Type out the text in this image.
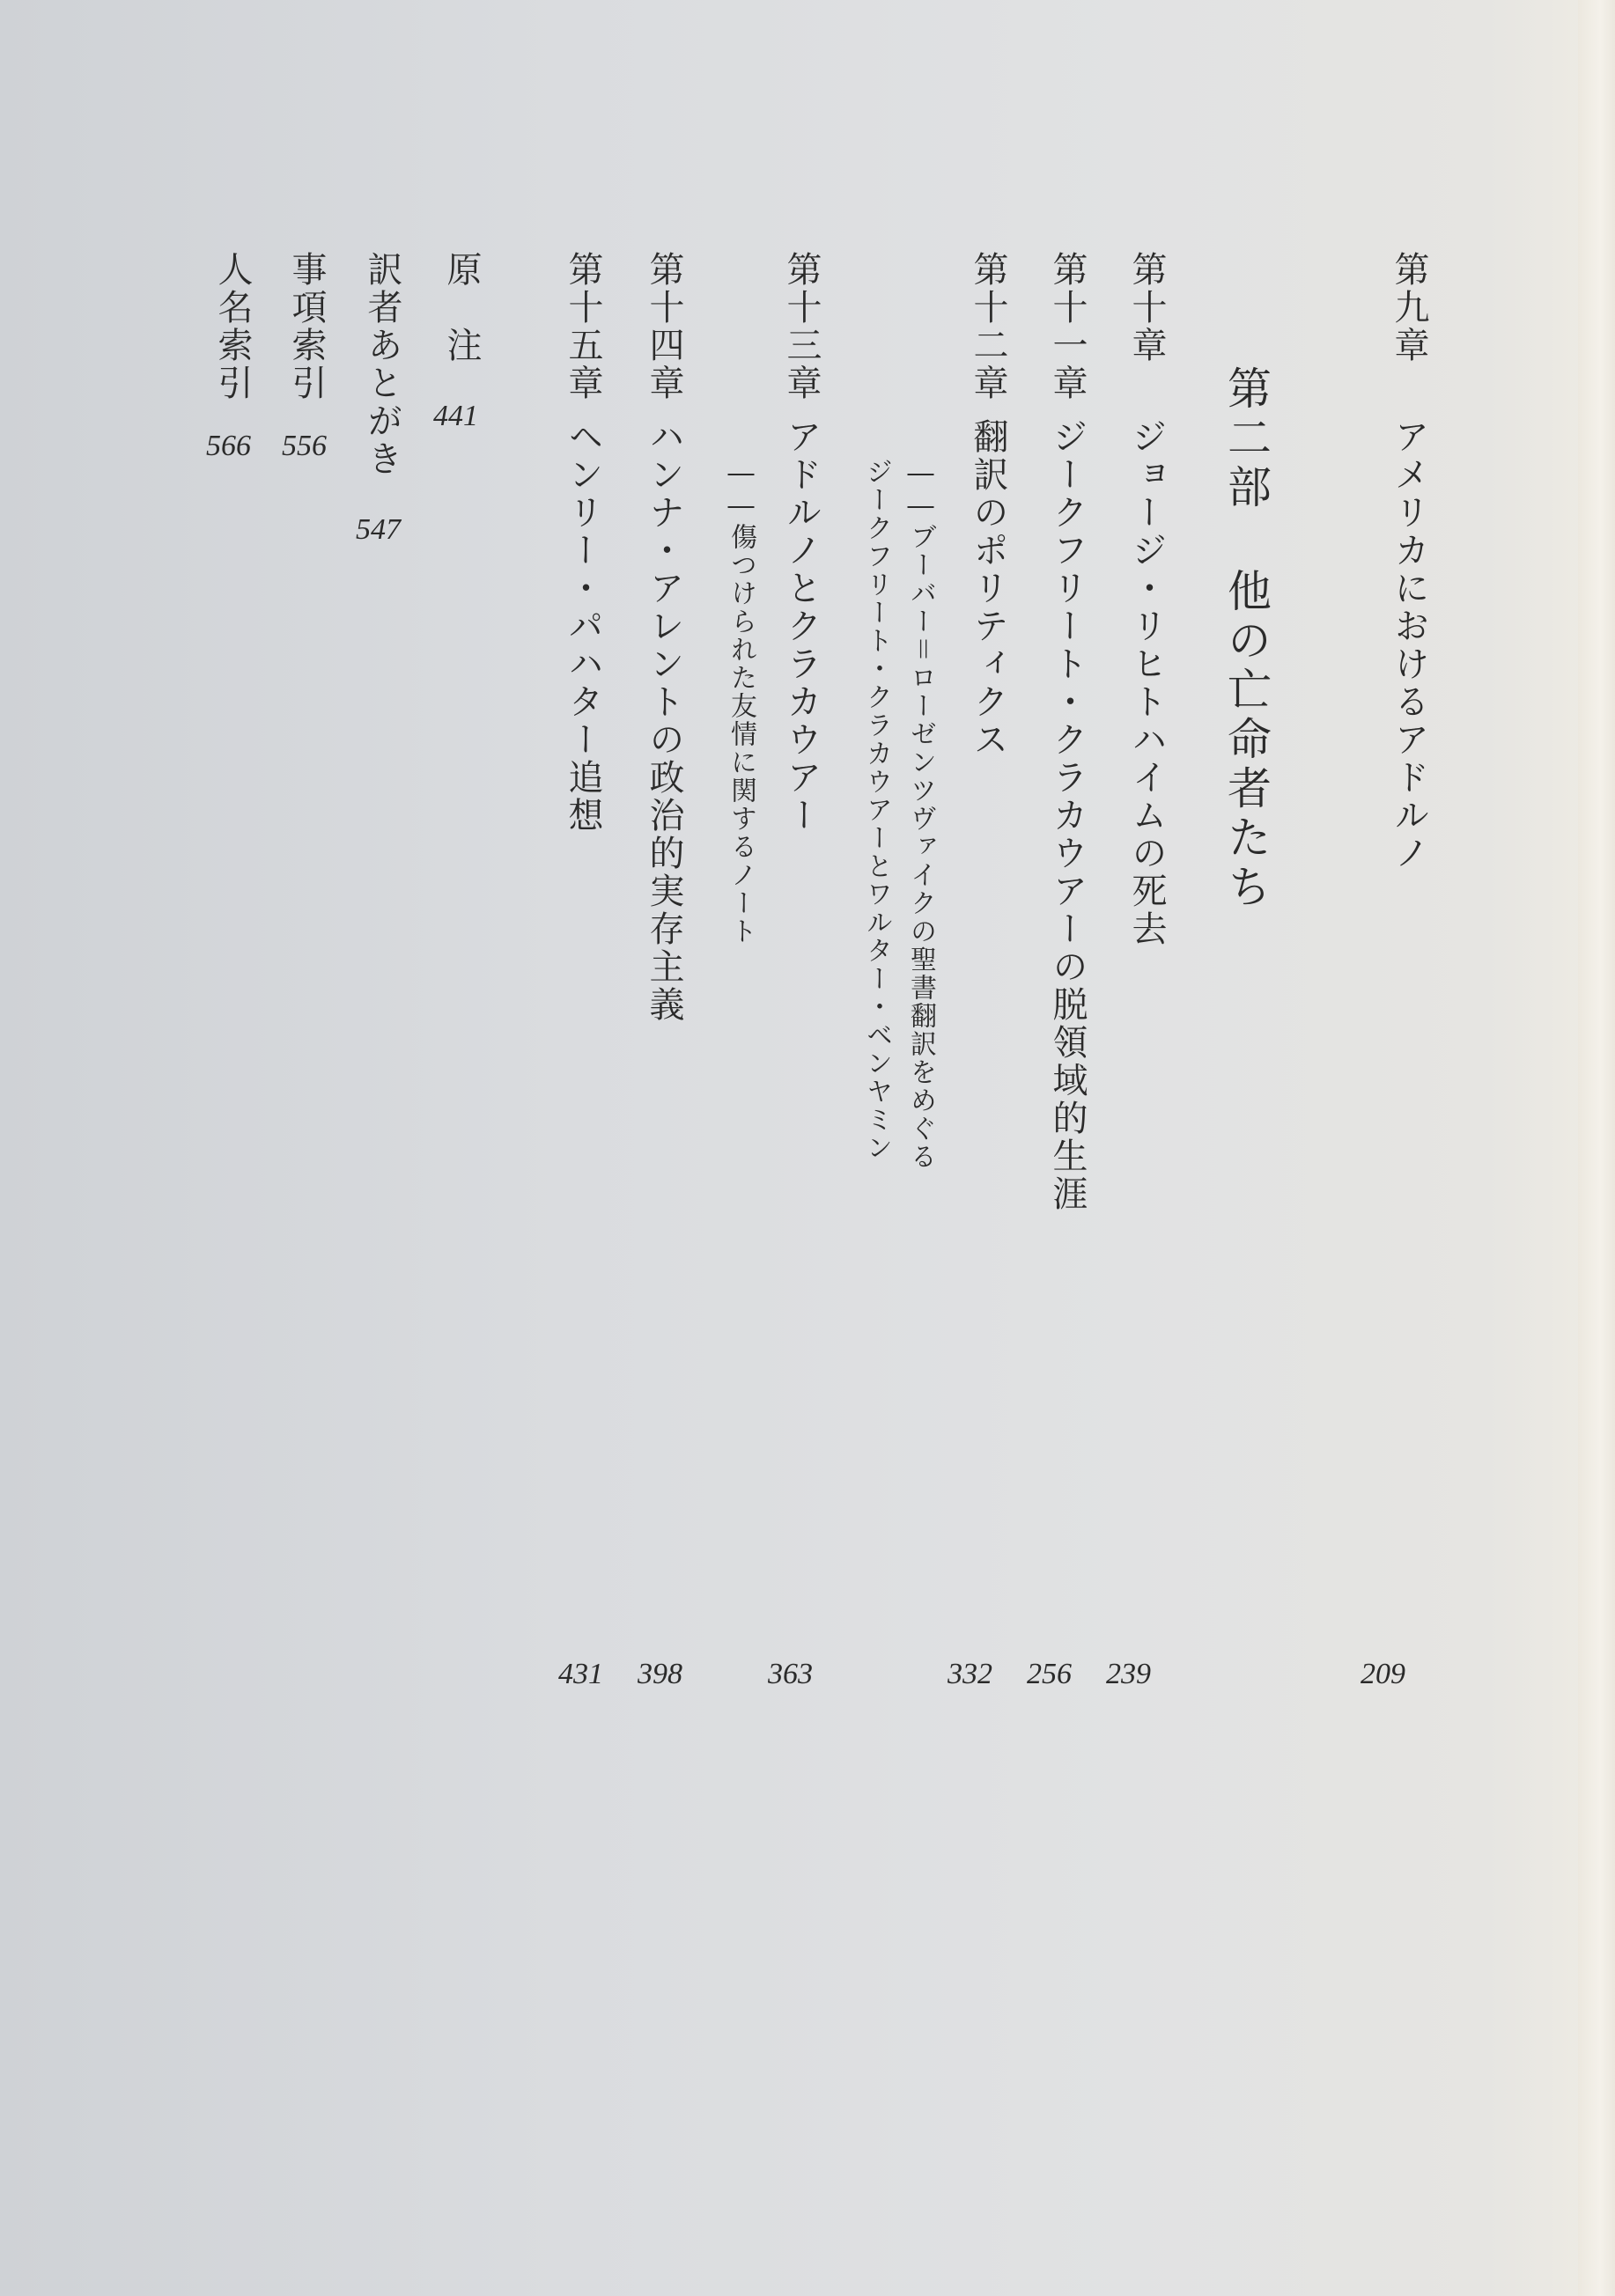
第九章
アメリカにおけるアドルノ
209
第二部
他の亡命者たち
第十章
ジョージ・リヒトハイムの死去
239
第十一章
ジークフリート・クラカウアーの脱領域的生涯
256
第十二章
翻訳のポリティクス
――ブーバー＝ローゼンツヴァイクの聖書翻訳をめぐる
ジークフリート・クラカウアーとワルター・ベンヤミン
332
第十三章
アドルノとクラカウアー
――傷つけられた友情に関するノート
363
第十四章
ハンナ・アレントの政治的実存主義
398
第十五章
ヘンリー・パハター追想
431
原　注
441
訳者あとがき
547
事項索引
556
人名索引
566
